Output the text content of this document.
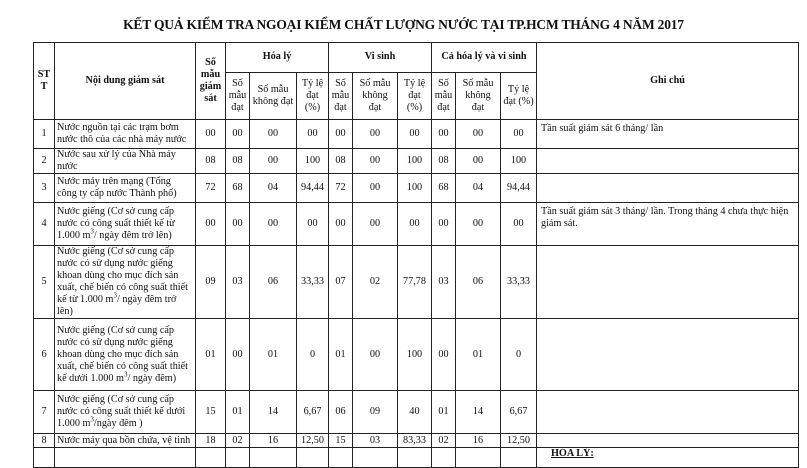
KẾT QUẢ KIỂM TRA NGOẠI KIỂM CHẤT LƯỢNG NƯỚC TẠI TP.HCM THÁNG 4 NĂM 2017
ST T	Nội dung giám sát	Số mẫu giám sát	Hóa lý			Vi sinh			Cả hóa lý và vi sinh			Ghi chú
			Số mẫu đạt	Số mẫu không đạt	Tỷ lệ đạt (%)	Số mẫu đạt	Số mẫu không đạt	Tỷ lệ đạt (%)	Số mẫu đạt	Số mẫu không đạt	Tỷ lệ đạt (%)	
1	Nước nguồn tại các trạm bơm nước thô của các nhà máy nước	00	00	00	00	00	00	00	00	00	00	Tần suất giám sát 6 tháng/ lần
2	Nước sau xử lý của Nhà máy nước	08	08	00	100	08	00	100	08	00	100	
3	Nước máy trên mạng (Tổng công ty cấp nước Thành phố)	72	68	04	94,44	72	00	100	68	04	94,44	
4	Nước giếng (Cơ sở cung cấp nước có công suất thiết kế từ 1.000 $m^3/$ ngày đêm trở lên)	00	00	00	00	00	00	00	00	00	00	Tần suất giám sát 3 tháng/ lần. Trong tháng 4 chưa thực hiện giám sát.
5	Nước giếng (Cơ sở cung cấp nước có sử dụng nước giếng khoan dùng cho mục đích sản xuất, chế biến có công suất thiết kế từ 1.000 $m^3/$ ngày đêm trở lên)	09	03	06	33,33	07	02	77,78	03	06	33,33	
6	Nước giếng (Cơ sở cung cấp nước có sử dụng nước giếng khoan dùng cho mục đích sản xuất, chế biến có công suất thiết kế dưới 1.000 $m^3/$ ngày đêm)	01	00	01	0	01	00	100	00	01	0	
7	Nước giếng (Cơ sở cung cấp nước có công suất thiết kế dưới 1.000 $m^3$/ngày đêm )	15	01	14	6,67	06	09	40	01	14	6,67	
8	Nước máy qua bồn chứa, vệ tinh	18	02	16	12,50	15	03	83,33	02	16	12,50	
												HÓA LÝ:
